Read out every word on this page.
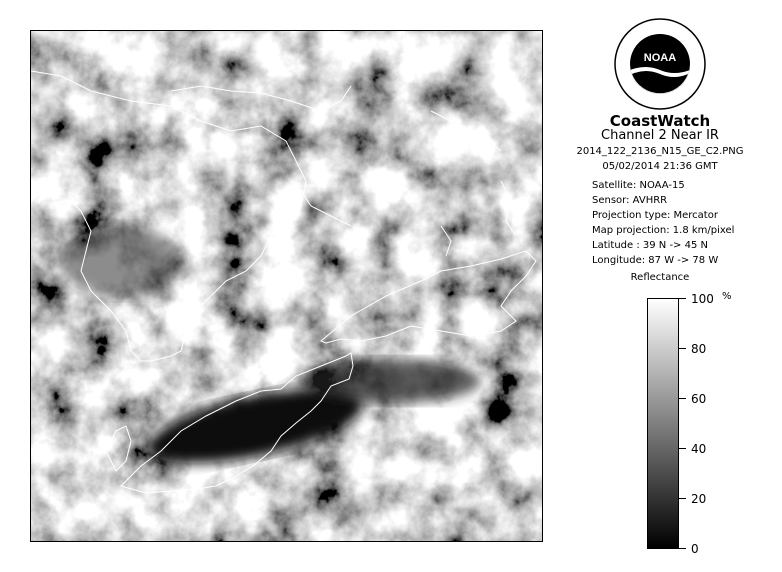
NOAA
CoastWatch
Channel 2 Near IR
2014_122_2136_N15_GE_C2.PNG
05/02/2014 21:36 GMT
Satellite: NOAA-15
Sensor: AVHRR
Projection type: Mercator
Map projection: 1.8 km/pixel
Latitude : 39 N -> 45 N
Longitude: 87 W -> 78 W
Reflectance
%
100
80
60
40
20
0
